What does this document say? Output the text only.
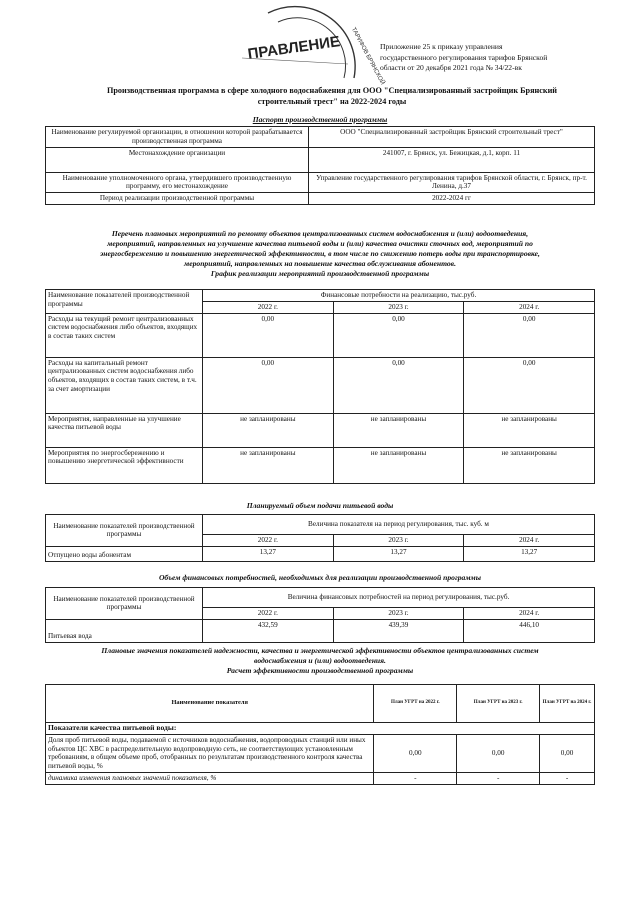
ПРАВЛЕНИЕ ТАРИФОВ БРЯНСКОЙ
Приложение 25 к приказу управления
государственного регулирования тарифов Брянской
области от 20 декабря 2021 года № 34/22-вк
Производственная программа в сфере холодного водоснабжения для ООО "Специализированный застройщик Брянский
строительный трест" на 2022-2024 годы
Паспорт производственной программы
Наименование регулируемой организации, в отношении которой разрабатывается производственная программа	ООО "Специализированный застройщик Брянский строительный трест"
Местонахождение организации	241007, г. Брянск, ул. Бежицкая, д.1, корп. 11
Наименование уполномоченного органа, утвердившего производственную программу, его местонахождение	Управление государственного регулирования тарифов Брянской области, г. Брянск, пр-т. Ленина, д.37
Период реализации производственной программы	2022-2024 гг
Перечень плановых мероприятий по ремонту объектов централизованных систем водоснабжения и (или) водоотведения,
мероприятий, направленных на улучшение качества питьевой воды и (или) качества очистки сточных вод, мероприятий по
энергосбережению и повышению энергетической эффективности, в том числе по снижению потерь воды при транспортировке,
мероприятий, направленных на повышение качества обслуживания абонентов.
График реализации мероприятий производственной программы
Наименование показателей производственной программы	Финансовые потребности на реализацию, тыс.руб.		
	2022 г.	2023 г.	2024 г.
Расходы на текущий ремонт централизованных систем водоснабжения либо объектов, входящих в состав таких систем	0,00	0,00	0,00
Расходы на капитальный ремонт централизованных систем водоснабжения либо объектов, входящих в состав таких систем, в т.ч. за счет амортизации	0,00	0,00	0,00
Мероприятия, направленные на улучшение качества питьевой воды	не запланированы	не запланированы	не запланированы
Мероприятия по энергосбережению и повышению энергетической эффективности	не запланированы	не запланированы	не запланированы
Планируемый объем подачи питьевой воды
Наименование показателей производственной программы	Величина показателя на период регулирования, тыс. куб. м		
	2022 г.	2023 г.	2024 г.
Отпущено воды абонентам	13,27	13,27	13,27
Объем финансовых потребностей, необходимых для реализации производственной программы
Наименование показателей производственной программы	Величина финансовых потребностей на период регулирования, тыс.руб.		
	2022 г.	2023 г.	2024 г.
Питьевая вода	432,59	439,39	446,10
Плановые значения показателей надежности, качества и энергетической эффективности объектов централизованных систем
водоснабжения и (или) водоотведения.
Расчет эффективности производственной программы
Наименование показателя	План УГРТ на 2022 г.	План УГРТ на 2023 г.	План УГРТ на 2024 г.
Показатели качества питьевой воды:			
Доля проб питьевой воды, подаваемой с источников водоснабжения, водопроводных станций или иных объектов ЦС ХВС в распределительную водопроводную сеть, не соответствующих установленным требованиям, в общем объеме проб, отобранных по результатам производственного контроля качества питьевой воды, %	0,00	0,00	0,00
динамика изменения плановых значений показателя, %	-	-	-
